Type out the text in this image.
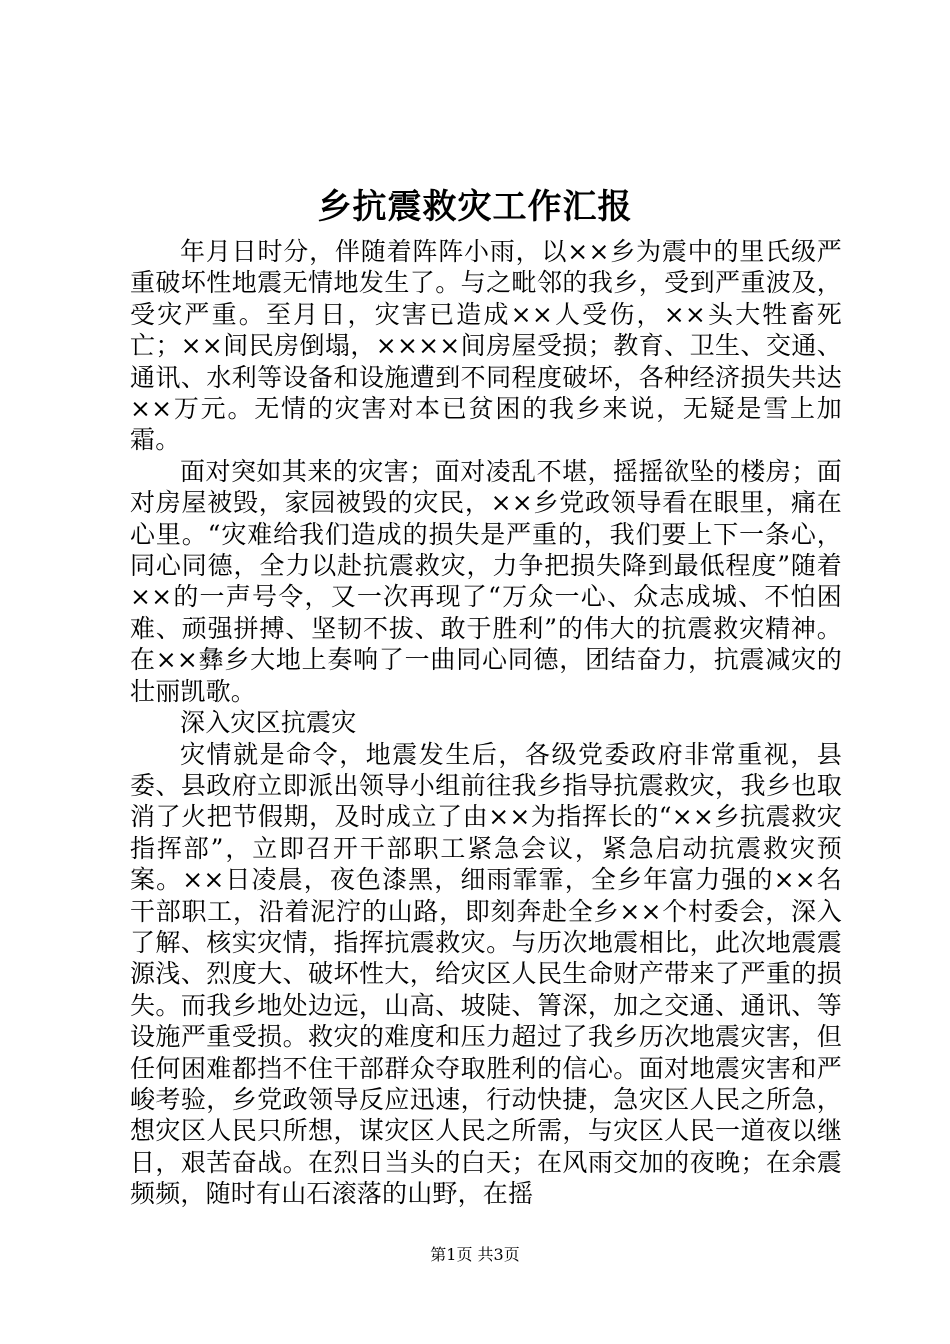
乡抗震救灾工作汇报

年月日时分，伴随着阵阵小雨，以××乡为震中的里氏级严重破坏性地震无情地发生了。与之毗邻的我乡，受到严重波及，受灾严重。至月日，灾害已造成××人受伤，××头大牲畜死亡；××间民房倒塌，××××间房屋受损；教育、卫生、交通、通讯、水利等设备和设施遭到不同程度破坏，各种经济损失共达××万元。无情的灾害对本已贫困的我乡来说，无疑是雪上加霜。

面对突如其来的灾害；面对凌乱不堪，摇摇欲坠的楼房；面对房屋被毁，家园被毁的灾民，××乡党政领导看在眼里，痛在心里。“灾难给我们造成的损失是严重的，我们要上下一条心，同心同德，全力以赴抗震救灾，力争把损失降到最低程度”随着××的一声号令，又一次再现了“万众一心、众志成城、不怕困难、顽强拼搏、坚韧不拔、敢于胜利”的伟大的抗震救灾精神。在××彝乡大地上奏响了一曲同心同德，团结奋力，抗震减灾的壮丽凯歌。

深入灾区抗震灾

灾情就是命令，地震发生后，各级党委政府非常重视，县委、县政府立即派出领导小组前往我乡指导抗震救灾，我乡也取消了火把节假期，及时成立了由××为指挥长的“××乡抗震救灾指挥部”，立即召开干部职工紧急会议，紧急启动抗震救灾预案。××日凌晨，夜色漆黑，细雨霏霏，全乡年富力强的××名干部职工，沿着泥泞的山路，即刻奔赴全乡××个村委会，深入了解、核实灾情，指挥抗震救灾。与历次地震相比，此次地震震源浅、烈度大、破坏性大，给灾区人民生命财产带来了严重的损失。而我乡地处边远，山高、坡陡、箐深，加之交通、通讯、等设施严重受损。救灾的难度和压力超过了我乡历次地震灾害，但任何困难都挡不住干部群众夺取胜利的信心。面对地震灾害和严峻考验，乡党政领导反应迅速，行动快捷，急灾区人民之所急，想灾区人民只所想，谋灾区人民之所需，与灾区人民一道夜以继日，艰苦奋战。在烈日当头的白天；在风雨交加的夜晚；在余震频频，随时有山石滚落的山野，在摇

第1页 共3页
